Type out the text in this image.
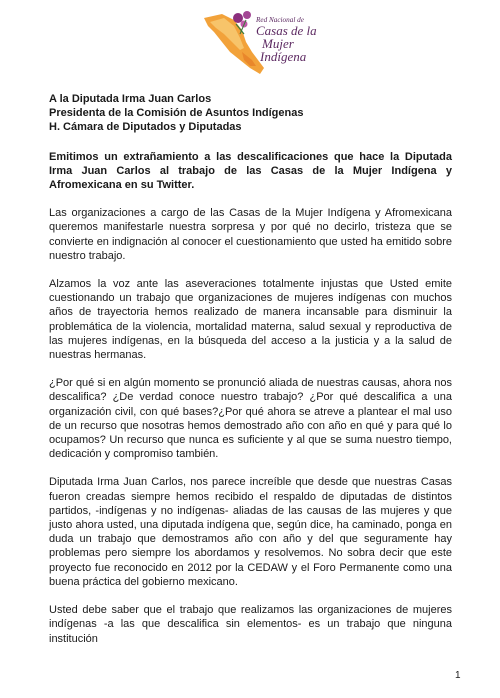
Red Nacional de
Casas de la
Mujer
Indígena
A la Diputada Irma Juan Carlos
Presidenta de la Comisión de Asuntos Indígenas
H. Cámara de Diputados y Diputadas

Emitimos un extrañamiento a las descalificaciones que hace la Diputada Irma Juan Carlos al trabajo de las Casas de la Mujer Indígena y Afromexicana en su Twitter.

Las organizaciones a cargo de las Casas de la Mujer Indígena y Afromexicana queremos manifestarle nuestra sorpresa y por qué no decirlo, tristeza que se convierte en indignación al conocer el cuestionamiento que usted ha emitido sobre nuestro trabajo.

Alzamos la voz ante las aseveraciones totalmente injustas que Usted emite cuestionando un trabajo que organizaciones de mujeres indígenas con muchos años de trayectoria hemos realizado de manera incansable para disminuir la problemática de la violencia, mortalidad materna, salud sexual y reproductiva de las mujeres indígenas, en la búsqueda del acceso a la justicia y a la salud de nuestras hermanas.

¿Por qué si en algún momento se pronunció aliada de nuestras causas, ahora nos descalifica? ¿De verdad conoce nuestro trabajo? ¿Por qué descalifica a una organización civil, con qué bases?¿Por qué ahora se atreve a plantear el mal uso de un recurso que nosotras hemos demostrado año con año en qué y para qué lo ocupamos? Un recurso que nunca es suficiente y al que se suma nuestro tiempo, dedicación y compromiso también.

Diputada Irma Juan Carlos, nos parece increíble que desde que nuestras Casas fueron creadas siempre hemos recibido el respaldo de diputadas de distintos partidos, -indígenas y no indígenas- aliadas de las causas de las mujeres y que justo ahora usted, una diputada indígena que, según dice, ha caminado, ponga en duda un trabajo que demostramos año con año y del que seguramente hay problemas pero siempre los abordamos y resolvemos. No sobra decir que este proyecto fue reconocido en 2012 por la CEDAW y el Foro Permanente como una buena práctica del gobierno mexicano.

Usted debe saber que el trabajo que realizamos las organizaciones de mujeres indígenas -a las que descalifica sin elementos- es un trabajo que ninguna institución

1
